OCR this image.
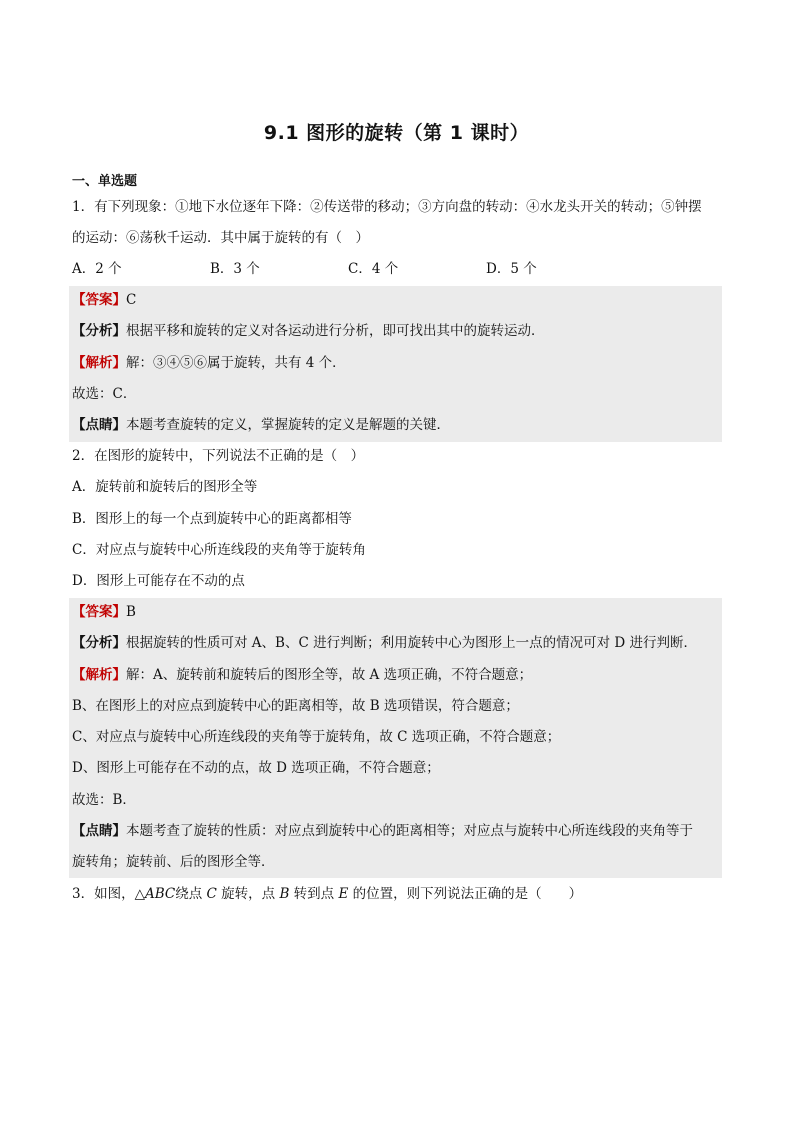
9.1 图形的旋转（第 1 课时）
一、单选题
1．有下列现象：①地下水位逐年下降：②传送带的移动；③方向盘的转动：④水龙头开关的转动；⑤钟摆
的运动：⑥荡秋千运动．其中属于旋转的有（　）
A．2 个	B．3 个	C．4 个	D．5 个
【答案】C
【分析】根据平移和旋转的定义对各运动进行分析，即可找出其中的旋转运动．
【解析】解：③④⑤⑥属于旋转，共有 4 个．
故选：C．
【点睛】本题考查旋转的定义，掌握旋转的定义是解题的关键．
2．在图形的旋转中，下列说法不正确的是（　）
A．旋转前和旋转后的图形全等
B．图形上的每一个点到旋转中心的距离都相等
C．对应点与旋转中心所连线段的夹角等于旋转角
D．图形上可能存在不动的点
【答案】B
【分析】根据旋转的性质可对 A、B、C 进行判断；利用旋转中心为图形上一点的情况可对 D 进行判断．
【解析】解：A、旋转前和旋转后的图形全等，故 A 选项正确，不符合题意；
B、在图形上的对应点到旋转中心的距离相等，故 B 选项错误，符合题意；
C、对应点与旋转中心所连线段的夹角等于旋转角，故 C 选项正确，不符合题意；
D、图形上可能存在不动的点，故 D 选项正确，不符合题意；
故选：B．
【点睛】本题考查了旋转的性质：对应点到旋转中心的距离相等；对应点与旋转中心所连线段的夹角等于
旋转角；旋转前、后的图形全等．
3．如图，△ABC绕点 C 旋转，点 B 转到点 E 的位置，则下列说法正确的是（　　）
